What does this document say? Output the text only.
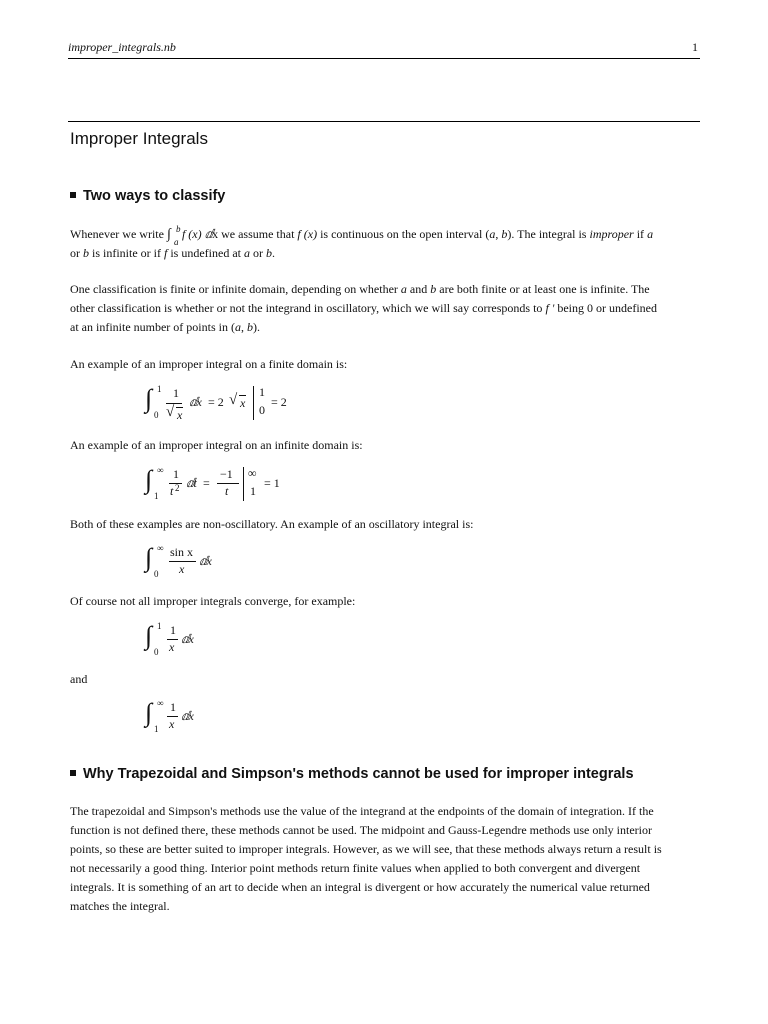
improper_integrals.nb	1
Improper Integrals
Two ways to classify
Whenever we write ∫ b
a
f (x) ⅆx we assume that f (x) is continuous on the open interval (a, b). The integral is improper if a
or b is infinite or if f is undefined at a or b.
One classification is finite or infinite domain, depending on whether a and b are both finite or at least one is infinite. The
other classification is whether or not the integrand in oscillatory, which we will say corresponds to f ' being 0 or undefined
at an infinite number of points in (a, b).
An example of an improper integral on a finite domain is:
∫ 1
0
1
√ x
ⅆx = 2 √ x
1
0
= 2
An example of an improper integral on an infinite domain is:
∫ ∞
1
1
t 2 ⅆt =
−1
t
∞
1
= 1
Both of these examples are non-oscillatory. An example of an oscillatory integral is:
∫ ∞
0
sin x
x
ⅆx
Of course not all improper integrals converge, for example:
∫ 1
0
1
x
ⅆx
and
∫ ∞
1
1
x
ⅆx
Why Trapezoidal and Simpson's methods cannot be used for improper integrals
The trapezoidal and Simpson's methods use the value of the integrand at the endpoints of the domain of integration. If the
function is not defined there, these methods cannot be used. The midpoint and Gauss-Legendre methods use only interior
points, so these are better suited to improper integrals. However, as we will see, that these methods always return a result is
not necessarily a good thing. Interior point methods return finite values when applied to both convergent and divergent
integrals. It is something of an art to decide when an integral is divergent or how accurately the numerical value returned
matches the integral.
